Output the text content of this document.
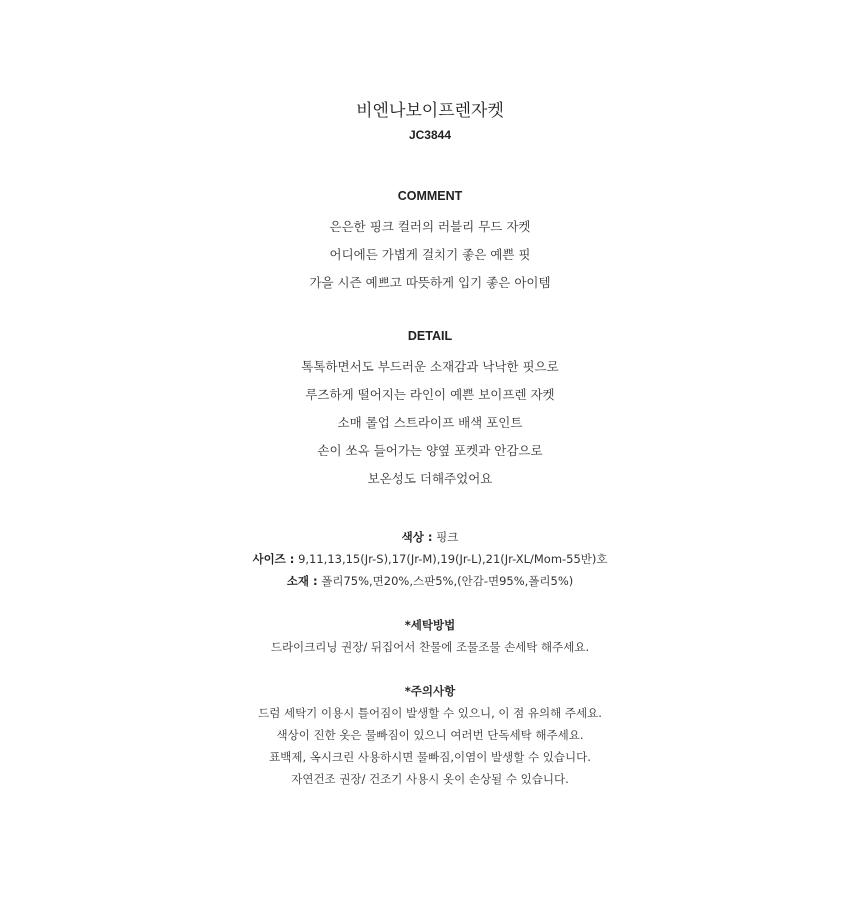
비엔나보이프렌자켓
JC3844
COMMENT
은은한 핑크 컬러의 러블리 무드 자켓
어디에든 가볍게 걸치기 좋은 예쁜 핏
가을 시즌 예쁘고 따뜻하게 입기 좋은 아이템
DETAIL
톡톡하면서도 부드러운 소재감과 낙낙한 핏으로
루즈하게 떨어지는 라인이 예쁜 보이프렌 자켓
소매 롤업 스트라이프 배색 포인트
손이 쏘옥 들어가는 양옆 포켓과 안감으로
보온성도 더해주었어요
색상 : 핑크
사이즈 : 9,11,13,15(Jr-S),17(Jr-M),19(Jr-L),21(Jr-XL/Mom-55반)호
소재 : 폴리75%,면20%,스판5%,(안감-면95%,폴리5%)
*세탁방법
드라이크리닝 권장/ 뒤집어서 찬물에 조물조물 손세탁 해주세요.
*주의사항
드럼 세탁기 이용시 틀어짐이 발생할 수 있으니, 이 점 유의해 주세요.
색상이 진한 옷은 물빠짐이 있으니 여러번 단독세탁 해주세요.
표백제, 옥시크린 사용하시면 물빠짐,이염이 발생할 수 있습니다.
자연건조 권장/ 건조기 사용시 옷이 손상될 수 있습니다.
